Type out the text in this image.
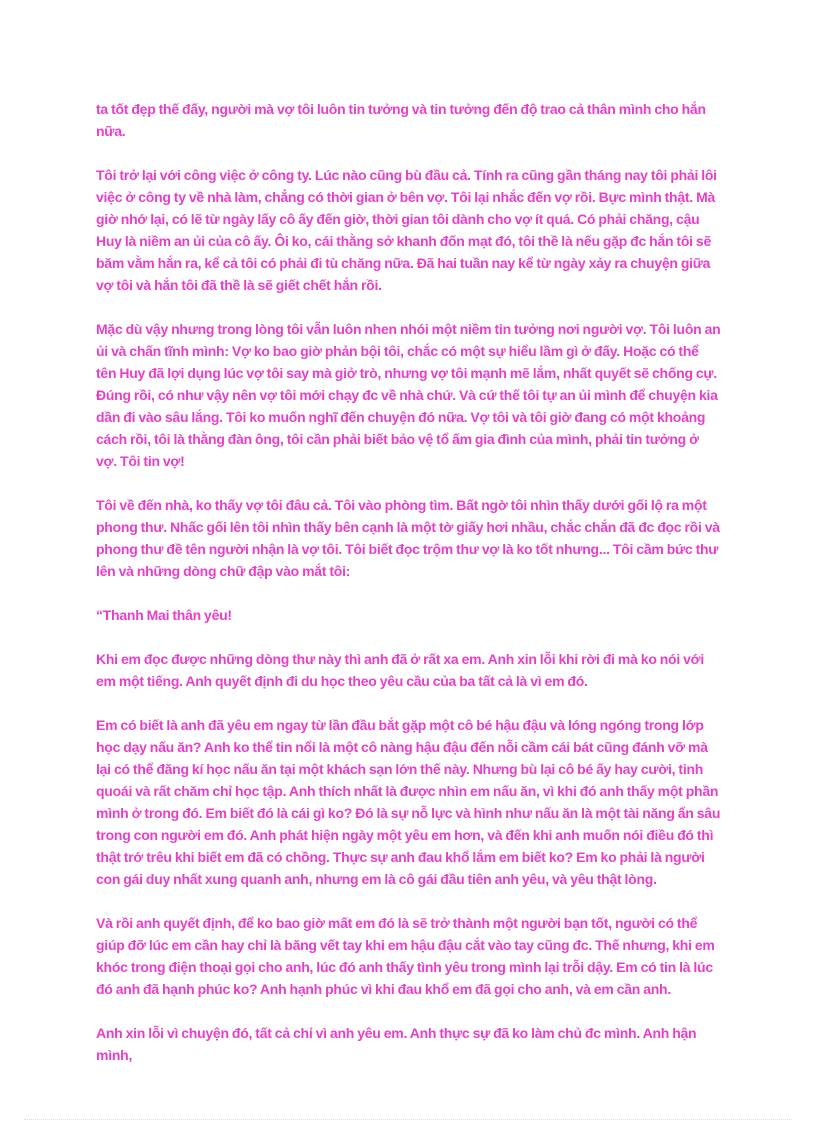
ta tốt đẹp thế đấy, người mà vợ tôi luôn tin tưởng và tin tưởng đến độ trao cả thân mình cho hắn nữa.

Tôi trở lại với công việc ở công ty. Lúc nào cũng bù đầu cả. Tính ra cũng gần tháng nay tôi phải lôi việc ở công ty về nhà làm, chẳng có thời gian ở bên vợ. Tôi lại nhắc đến vợ rồi. Bực mình thật. Mà giờ nhớ lại, có lẽ từ ngày lấy cô ấy đến giờ, thời gian tôi dành cho vợ ít quá. Có phải chăng, cậu Huy là niềm an ủi của cô ấy. Ôi ko, cái thằng sở khanh đốn mạt đó, tôi thề là nếu gặp đc hắn tôi sẽ băm vằm hắn ra, kể cả tôi có phải đi tù chăng nữa. Đã hai tuần nay kể từ ngày xảy ra chuyện giữa vợ tôi và hắn tôi đã thề là sẽ giết chết hắn rồi.

Mặc dù vậy nhưng trong lòng tôi vẫn luôn nhen nhói một niềm tin tưởng nơi người vợ. Tôi luôn an ủi và chấn tĩnh mình: Vợ ko bao giờ phản bội tôi, chắc có một sự hiểu lầm gì ở đấy. Hoặc có thể tên Huy đã lợi dụng lúc vợ tôi say mà giở trò, nhưng vợ tôi mạnh mẽ lắm, nhất quyết sẽ chống cự. Đúng rồi, có như vậy nên vợ tôi mới chạy đc về nhà chứ. Và cứ thế tôi tự an ủi mình để chuyện kia dần đi vào sâu lắng. Tôi ko muốn nghĩ đến chuyện đó nữa. Vợ tôi và tôi giờ đang có một khoảng cách rồi, tôi là thằng đàn ông, tôi cần phải biết bảo vệ tổ ấm gia đình của mình, phải tin tưởng ở vợ. Tôi tin vợ!

Tôi về đến nhà, ko thấy vợ tôi đâu cả. Tôi vào phòng tìm. Bất ngờ tôi nhìn thấy dưới gối lộ ra một phong thư. Nhấc gối lên tôi nhìn thấy bên cạnh là một tờ giấy hơi nhầu, chắc chắn đã đc đọc rồi và phong thư đề tên người nhận là vợ tôi. Tôi biết đọc trộm thư vợ là ko tốt nhưng... Tôi cầm bức thư lên và những dòng chữ đập vào mắt tôi:

“Thanh Mai thân yêu!

Khi em đọc được những dòng thư này thì anh đã ở rất xa em. Anh xin lỗi khi rời đi mà ko nói với em một tiếng. Anh quyết định đi du học theo yêu cầu của ba tất cả là vì em đó.

Em có biết là anh đã yêu em ngay từ lần đầu bắt gặp một cô bé hậu đậu và lóng ngóng trong lớp học dạy nấu ăn? Anh ko thể tin nổi là một cô nàng hậu đậu đến nỗi cầm cái bát cũng đánh vỡ mà lại có thể đăng kí học nấu ăn tại một khách sạn lớn thế này. Nhưng bù lại cô bé ấy hay cười, tinh quoái và rất chăm chỉ học tập. Anh thích nhất là được nhìn em nấu ăn, vì khi đó anh thấy một phần mình ở trong đó. Em biết đó là cái gì ko? Đó là sự nỗ lực và hình như nấu ăn là một tài năng ẩn sâu trong con người em đó. Anh phát hiện ngày một yêu em hơn, và đến khi anh muốn nói điều đó thì thật trớ trêu khi biết em đã có chồng. Thực sự anh đau khổ lắm em biết ko? Em ko phải là người con gái duy nhất xung quanh anh, nhưng em là cô gái đầu tiên anh yêu, và yêu thật lòng.

Và rồi anh quyết định, để ko bao giờ mất em đó là sẽ trở thành một người bạn tốt, người có thể giúp đỡ lúc em cần hay chỉ là băng vết tay khi em hậu đậu cắt vào tay cũng đc. Thế nhưng, khi em khóc trong điện thoại gọi cho anh, lúc đó anh thấy tình yêu trong mình lại trỗi dậy. Em có tin là lúc đó anh đã hạnh phúc ko? Anh hạnh phúc vì khi đau khổ em đã gọi cho anh, và em cần anh.

Anh xin lỗi vì chuyện đó, tất cả chỉ vì anh yêu em. Anh thực sự đã ko làm chủ đc mình. Anh hận mình,
